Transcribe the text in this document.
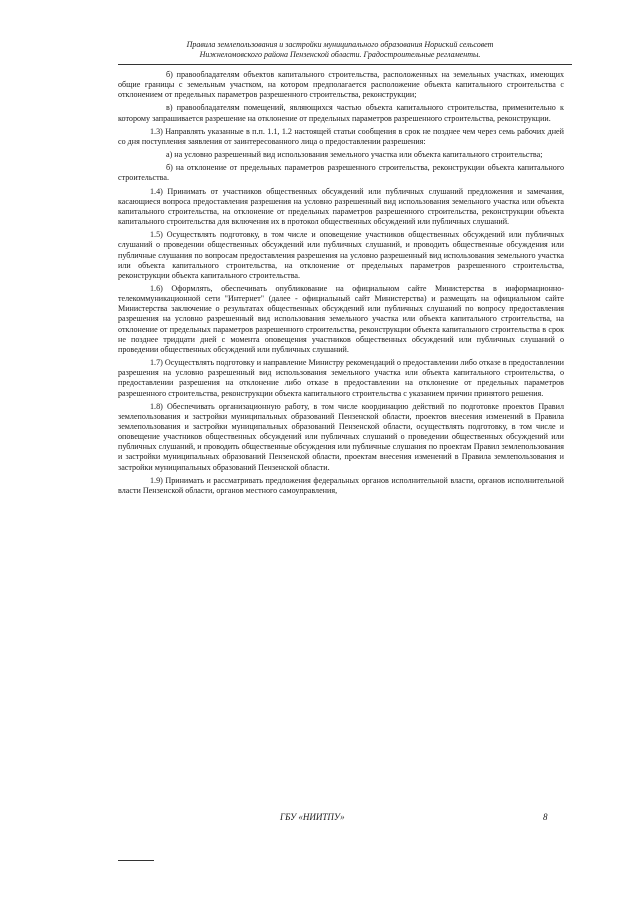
Правила землепользования и застройки муниципального образования Нориский сельсовет
Нижнеломовского района Пензенской области. Градостроительные регламенты.

б) правообладателям объектов капитального строительства, расположенных на земельных участках, имеющих общие границы с земельным участком, на котором предполагается расположение объекта капитального строительства с отклонением от предельных параметров разрешенного строительства, реконструкции;

в) правообладателям помещений, являющихся частью объекта капитального строительства, применительно к которому запрашивается разрешение на отклонение от предельных параметров разрешенного строительства, реконструкции.

1.3) Направлять указанные в п.п. 1.1, 1.2 настоящей статьи сообщения в срок не позднее чем через семь рабочих дней со дня поступления заявления от заинтересованного лица о предоставлении разрешения:

а) на условно разрешенный вид использования земельного участка или объекта капитального строительства;

б) на отклонение от предельных параметров разрешенного строительства, реконструкции объекта капитального строительства.

1.4) Принимать от участников общественных обсуждений или публичных слушаний предложения и замечания, касающиеся вопроса предоставления разрешения на условно разрешенный вид использования земельного участка или объекта капитального строительства, на отклонение от предельных параметров разрешенного строительства, реконструкции объекта капитального строительства для включения их в протокол общественных обсуждений или публичных слушаний.

1.5) Осуществлять подготовку, в том числе и оповещение участников общественных обсуждений или публичных слушаний о проведении общественных обсуждений или публичных слушаний, и проводить общественные обсуждения или публичные слушания по вопросам предоставления разрешения на условно разрешенный вид использования земельного участка или объекта капитального строительства, на отклонение от предельных параметров разрешенного строительства, реконструкции объекта капитального строительства.

1.6) Оформлять, обеспечивать опубликование на официальном сайте Министерства в информационно-телекоммуникационной сети "Интернет" (далее - официальный сайт Министерства) и размещать на официальном сайте Министерства заключение о результатах общественных обсуждений или публичных слушаний по вопросу предоставления разрешения на условно разрешенный вид использования земельного участка или объекта капитального строительства, на отклонение от предельных параметров разрешенного строительства, реконструкции объекта капитального строительства в срок не позднее тридцати дней с момента оповещения участников общественных обсуждений или публичных слушаний о проведении общественных обсуждений или публичных слушаний.

1.7) Осуществлять подготовку и направление Министру рекомендаций о предоставлении либо отказе в предоставлении разрешения на условно разрешенный вид использования земельного участка или объекта капитального строительства, о предоставлении разрешения на отклонение либо отказе в предоставлении на отклонение от предельных параметров разрешенного строительства, реконструкции объекта капитального строительства с указанием причин принятого решения.

1.8) Обеспечивать организационную работу, в том числе координацию действий по подготовке проектов Правил землепользования и застройки муниципальных образований Пензенской области, проектов внесения изменений в Правила землепользования и застройки муниципальных образований Пензенской области, осуществлять подготовку, в том числе и оповещение участников общественных обсуждений или публичных слушаний о проведении общественных обсуждений или публичных слушаний, и проводить общественные обсуждения или публичные слушания по проектам Правил землепользования и застройки муниципальных образований Пензенской области, проектам внесения изменений в Правила землепользования и застройки муниципальных образований Пензенской области.

1.9) Принимать и рассматривать предложения федеральных органов исполнительной власти, органов исполнительной власти Пензенской области, органов местного самоуправления,

ГБУ «НИИТПУ»	8
